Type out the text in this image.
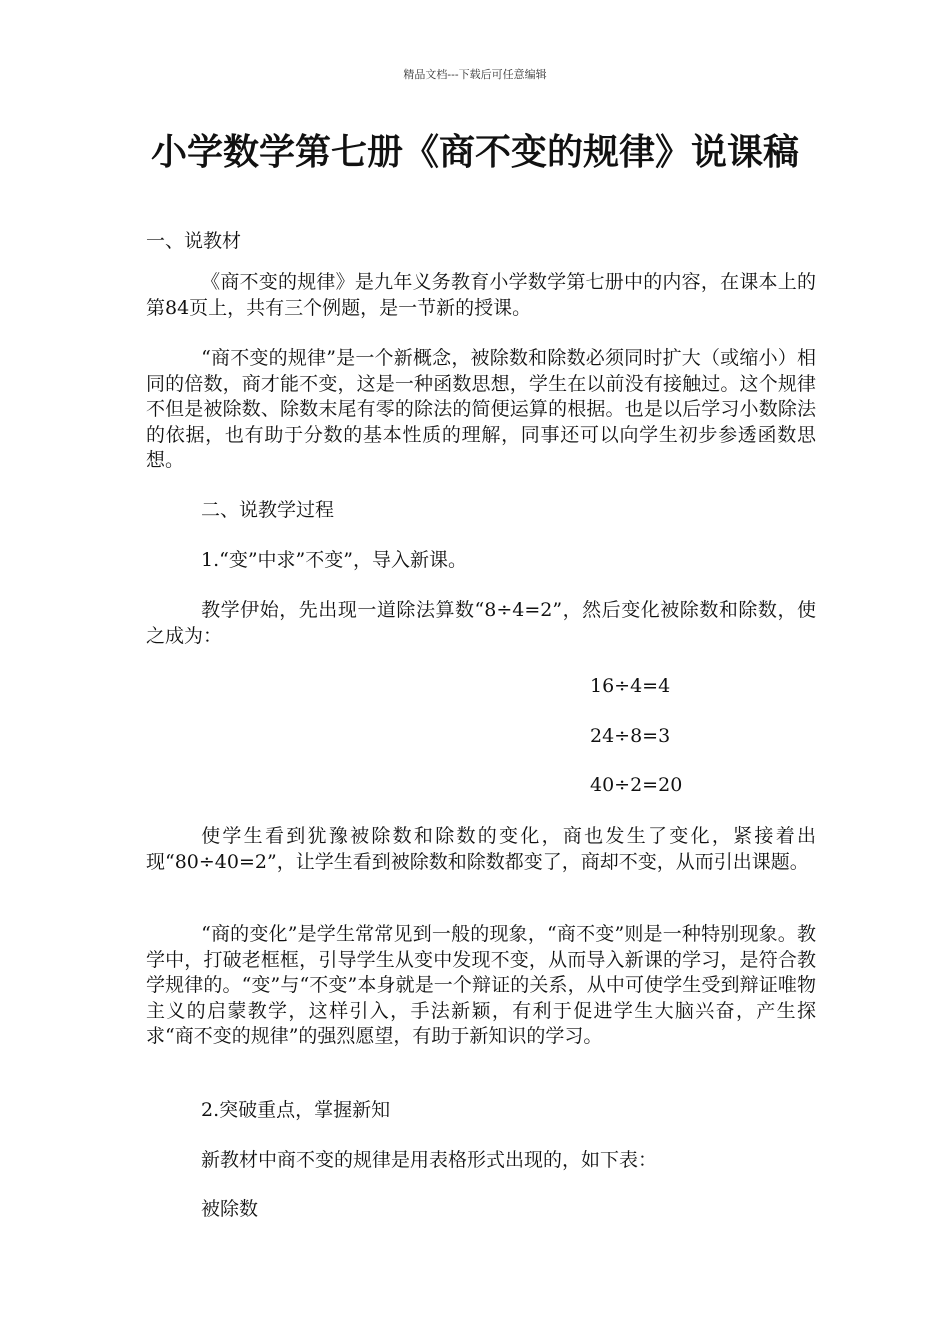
精品文档---下载后可任意编辑
小学数学第七册《商不变的规律》说课稿

一、说教材

《商不变的规律》是九年义务教育小学数学第七册中的内容，在课本上的第84页上，共有三个例题，是一节新的授课。

“商不变的规律”是一个新概念，被除数和除数必须同时扩大（或缩小）相同的倍数，商才能不变，这是一种函数思想，学生在以前没有接触过。这个规律不但是被除数、除数末尾有零的除法的简便运算的根据。也是以后学习小数除法的依据，也有助于分数的基本性质的理解，同事还可以向学生初步参透函数思想。

二、说教学过程

1.“变”中求”不变”，导入新课。

教学伊始，先出现一道除法算数“8÷4=2”，然后变化被除数和除数，使之成为：

16÷4=4

24÷8=3

40÷2=20

使学生看到犹豫被除数和除数的变化，商也发生了变化，紧接着出现“80÷40=2”，让学生看到被除数和除数都变了，商却不变，从而引出课题。

“商的变化”是学生常常见到一般的现象，“商不变”则是一种特别现象。教学中，打破老框框，引导学生从变中发现不变，从而导入新课的学习，是符合教学规律的。“变”与“不变”本身就是一个辩证的关系，从中可使学生受到辩证唯物主义的启蒙教学，这样引入，手法新颖，有利于促进学生大脑兴奋，产生探求“商不变的规律”的强烈愿望，有助于新知识的学习。

2.突破重点，掌握新知

新教材中商不变的规律是用表格形式出现的，如下表：

被除数
